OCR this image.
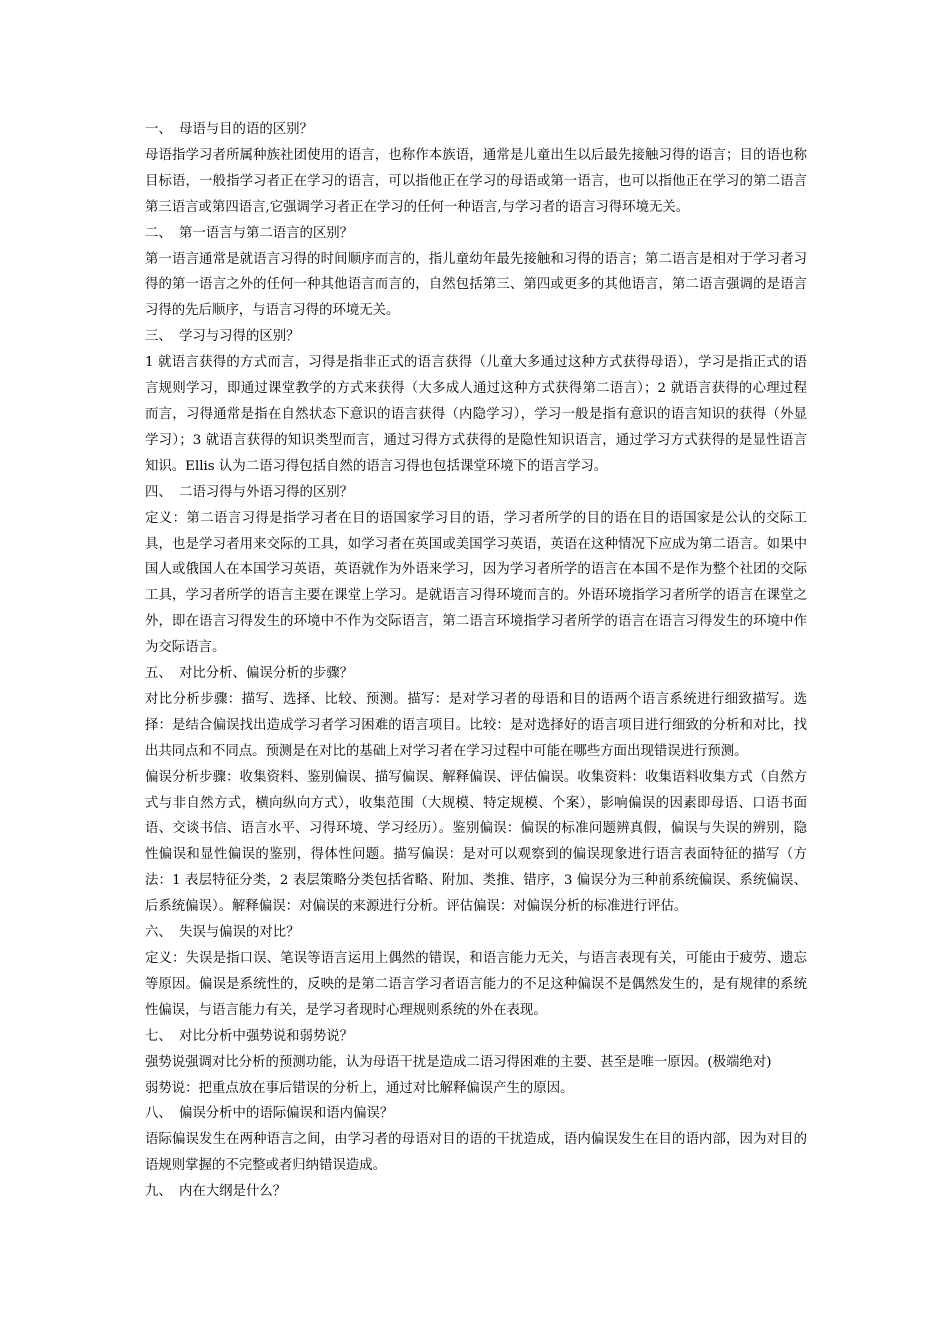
一、 母语与目的语的区别？

母语指学习者所属种族社团使用的语言，也称作本族语，通常是儿童出生以后最先接触习得的语言；目的语也称目标语，一般指学习者正在学习的语言，可以指他正在学习的母语或第一语言，也可以指他正在学习的第二语言第三语言或第四语言,它强调学习者正在学习的任何一种语言,与学习者的语言习得环境无关。

二、 第一语言与第二语言的区别？

第一语言通常是就语言习得的时间顺序而言的，指儿童幼年最先接触和习得的语言；第二语言是相对于学习者习得的第一语言之外的任何一种其他语言而言的，自然包括第三、第四或更多的其他语言，第二语言强调的是语言习得的先后顺序，与语言习得的环境无关。

三、 学习与习得的区别？

1 就语言获得的方式而言，习得是指非正式的语言获得（儿童大多通过这种方式获得母语），学习是指正式的语言规则学习，即通过课堂教学的方式来获得（大多成人通过这种方式获得第二语言）；2 就语言获得的心理过程而言，习得通常是指在自然状态下意识的语言获得（内隐学习），学习一般是指有意识的语言知识的获得（外显学习）；3 就语言获得的知识类型而言，通过习得方式获得的是隐性知识语言，通过学习方式获得的是显性语言知识。Ellis 认为二语习得包括自然的语言习得也包括课堂环境下的语言学习。

四、 二语习得与外语习得的区别？

定义：第二语言习得是指学习者在目的语国家学习目的语，学习者所学的目的语在目的语国家是公认的交际工具，也是学习者用来交际的工具，如学习者在英国或美国学习英语，英语在这种情况下应成为第二语言。如果中国人或俄国人在本国学习英语，英语就作为外语来学习，因为学习者所学的语言在本国不是作为整个社团的交际工具，学习者所学的语言主要在课堂上学习。是就语言习得环境而言的。外语环境指学习者所学的语言在课堂之外，即在语言习得发生的环境中不作为交际语言，第二语言环境指学习者所学的语言在语言习得发生的环境中作为交际语言。

五、 对比分析、偏误分析的步骤？

对比分析步骤：描写、选择、比较、预测。描写：是对学习者的母语和目的语两个语言系统进行细致描写。选择：是结合偏误找出造成学习者学习困难的语言项目。比较：是对选择好的语言项目进行细致的分析和对比，找出共同点和不同点。预测是在对比的基础上对学习者在学习过程中可能在哪些方面出现错误进行预测。

偏误分析步骤：收集资料、鉴别偏误、描写偏误、解释偏误、评估偏误。收集资料：收集语料收集方式（自然方式与非自然方式，横向纵向方式），收集范围（大规模、特定规模、个案），影响偏误的因素即母语、口语书面语、交谈书信、语言水平、习得环境、学习经历）。鉴别偏误：偏误的标准问题辨真假，偏误与失误的辨别，隐性偏误和显性偏误的鉴别，得体性问题。描写偏误：是对可以观察到的偏误现象进行语言表面特征的描写（方法：1 表层特征分类，2 表层策略分类包括省略、附加、类推、错序，3 偏误分为三种前系统偏误、系统偏误、后系统偏误）。解释偏误：对偏误的来源进行分析。评估偏误：对偏误分析的标准进行评估。

六、 失误与偏误的对比？

定义：失误是指口误、笔误等语言运用上偶然的错误，和语言能力无关，与语言表现有关，可能由于疲劳、遗忘等原因。偏误是系统性的，反映的是第二语言学习者语言能力的不足这种偏误不是偶然发生的，是有规律的系统性偏误，与语言能力有关，是学习者现时心理规则系统的外在表现。

七、 对比分析中强势说和弱势说？

强势说强调对比分析的预测功能，认为母语干扰是造成二语习得困难的主要、甚至是唯一原因。(极端绝对)

弱势说：把重点放在事后错误的分析上，通过对比解释偏误产生的原因。

八、 偏误分析中的语际偏误和语内偏误？

语际偏误发生在两种语言之间，由学习者的母语对目的语的干扰造成，语内偏误发生在目的语内部，因为对目的语规则掌握的不完整或者归纳错误造成。

九、 内在大纲是什么？
